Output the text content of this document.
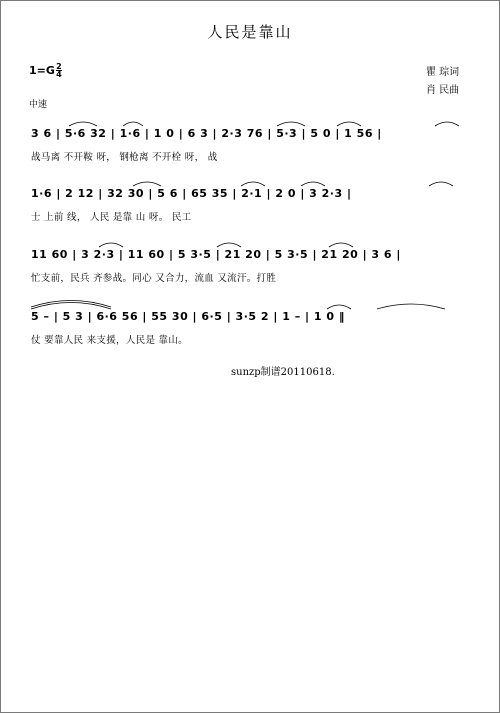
人民是靠山
$1=G \frac{2}{4}$	瞿 琮词
肖 民曲
中速
3 6 | 5·6 32 | 1·6 | 1 0 | 6 3 | 2·3 76 | 5·3 | 5 0 | 1 56 |
战马离 不开鞍 呀， 钢枪离 不开栓 呀， 战
1·6 | 2 12 | 32 30 | 5 6 | 65 35 | 2·1 | 2 0 | 3 2·3 |
士 上前 线， 人民 是靠 山 呀。 民工
11 60 | 3 2·3 | 11 60 | 5 3·5 | 21 20 | 5 3·5 | 21 20 | 3 6 |
忙支前，民兵 齐参战。同心 又合力，流血 又流汗。打胜
5 – | 5 3 | 6·6 56 | 55 30 | 6·5 | 3·5 2 | 1 – | 1 0 ‖
仗 要靠人民 来支援，人民是 靠山。
sunzp制谱20110618.
